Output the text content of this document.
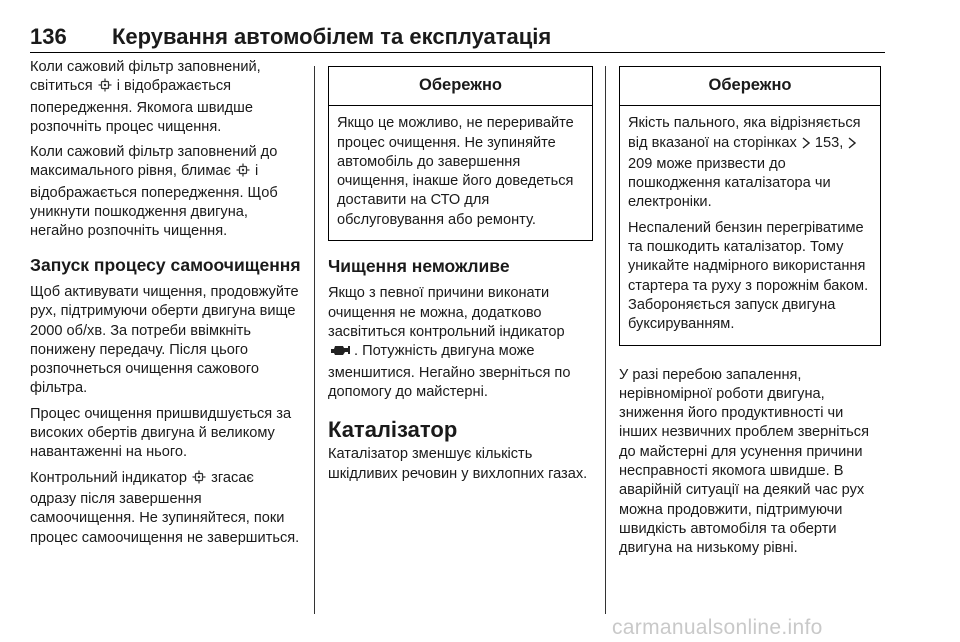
136 Керування автомобілем та експлуатація

Коли сажовий фільтр заповнений, світиться  і відображається попередження. Якомога швидше розпочніть процес чищення.

Коли сажовий фільтр заповнений до максимального рівня, блимає  і відображається попередження. Щоб уникнути пошкодження двигуна, негайно розпочніть чищення.

Запуск процесу самоочищення

Щоб активувати чищення, продовжуйте рух, підтримуючи оберти двигуна вище 2000 об/хв. За потреби ввімкніть понижену передачу. Після цього розпочнеться очищення сажового фільтра.

Процес очищення пришвидшується за високих обертів двигуна й великому навантаженні на нього.

Контрольний індикатор  згасає одразу після завершення самоочищення. Не зупиняйтеся, поки процес самоочищення не завершиться.

Обережно

Якщо це можливо, не переривайте процес очищення. Не зупиняйте автомобіль до завершення очищення, інакше його доведеться доставити на СТО для обслуговування або ремонту.

Чищення неможливе

Якщо з певної причини виконати очищення не можна, додатково засвітиться контрольний індикатор . Потужність двигуна може зменшитися. Негайно зверніться по допомогу до майстерні.

Каталізатор

Каталізатор зменшує кількість шкідливих речовин у вихлопних газах.

Обережно

Якість пального, яка відрізняється від вказаної на сторінках  153,  209 може призвести до пошкодження каталізатора чи електроніки.

Неспалений бензин перегріватиме та пошкодить каталізатор. Тому уникайте надмірного використання стартера та руху з порожнім баком. Забороняється запуск двигуна буксируванням.

У разі перебою запалення, нерівномірної роботи двигуна, зниження його продуктивності чи інших незвичних проблем зверніться до майстерні для усунення причини несправності якомога швидше. В аварійній ситуації на деякий час рух можна продовжити, підтримуючи швидкість автомобіля та оберти двигуна на низькому рівні.

carmanualsonline.info
